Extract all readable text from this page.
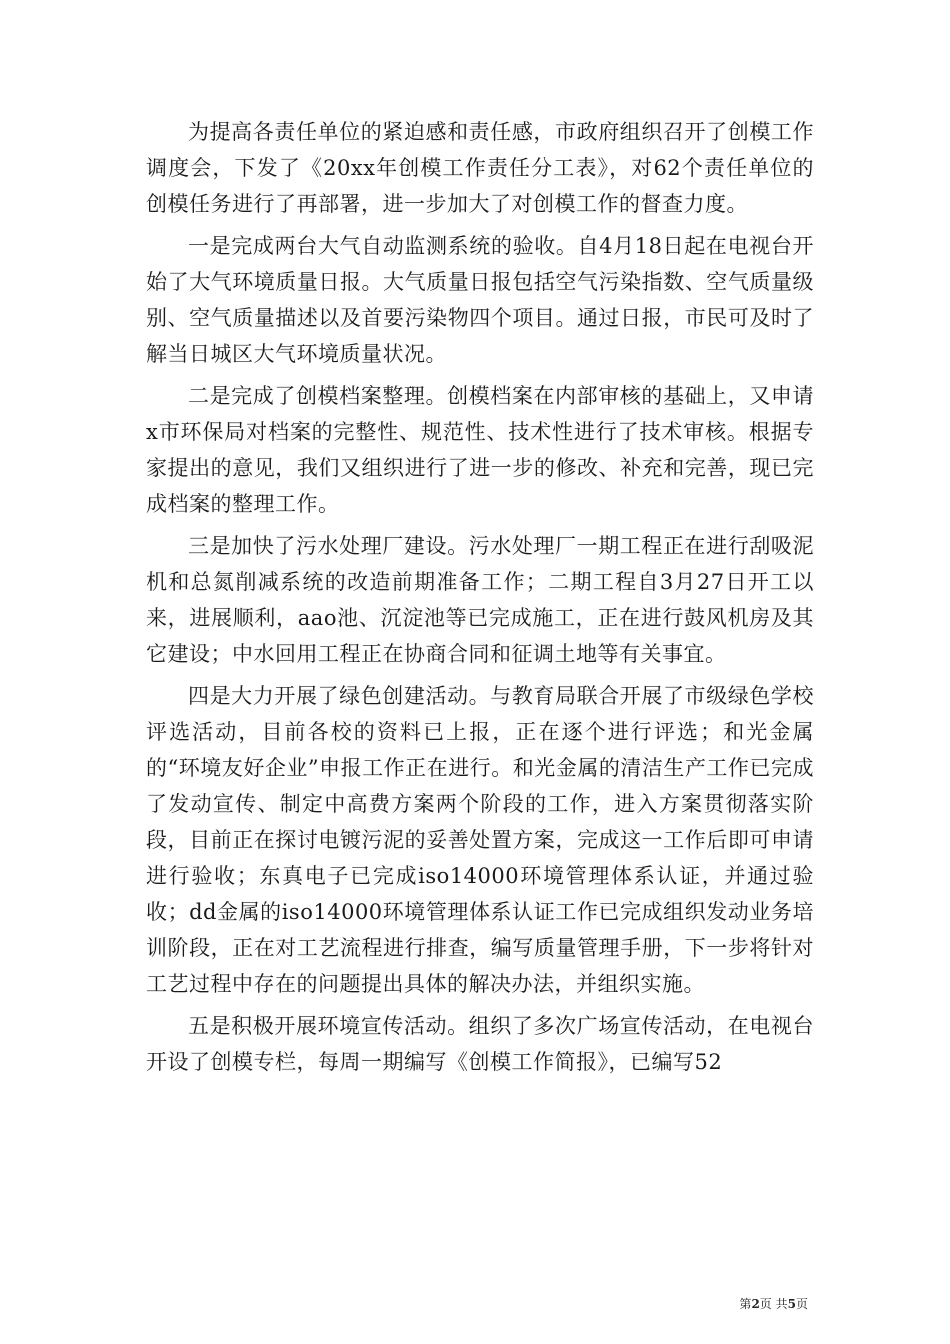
为提高各责任单位的紧迫感和责任感，市政府组织召开了创模工作调度会，下发了《20xx年创模工作责任分工表》，对62个责任单位的创模任务进行了再部署，进一步加大了对创模工作的督查力度。

一是完成两台大气自动监测系统的验收。自4月18日起在电视台开始了大气环境质量日报。大气质量日报包括空气污染指数、空气质量级别、空气质量描述以及首要污染物四个项目。通过日报，市民可及时了解当日城区大气环境质量状况。

二是完成了创模档案整理。创模档案在内部审核的基础上，又申请x市环保局对档案的完整性、规范性、技术性进行了技术审核。根据专家提出的意见，我们又组织进行了进一步的修改、补充和完善，现已完成档案的整理工作。

三是加快了污水处理厂建设。污水处理厂一期工程正在进行刮吸泥机和总氮削减系统的改造前期准备工作；二期工程自3月27日开工以来，进展顺利，aao池、沉淀池等已完成施工，正在进行鼓风机房及其它建设；中水回用工程正在协商合同和征调土地等有关事宜。

四是大力开展了绿色创建活动。与教育局联合开展了市级绿色学校评选活动，目前各校的资料已上报，正在逐个进行评选；和光金属的“环境友好企业”申报工作正在进行。和光金属的清洁生产工作已完成了发动宣传、制定中高费方案两个阶段的工作，进入方案贯彻落实阶段，目前正在探讨电镀污泥的妥善处置方案，完成这一工作后即可申请进行验收；东真电子已完成iso14000环境管理体系认证，并通过验收；dd金属的iso14000环境管理体系认证工作已完成组织发动业务培训阶段，正在对工艺流程进行排查，编写质量管理手册，下一步将针对工艺过程中存在的问题提出具体的解决办法，并组织实施。

五是积极开展环境宣传活动。组织了多次广场宣传活动，在电视台开设了创模专栏，每周一期编写《创模工作简报》，已编写52

第2页 共5页
